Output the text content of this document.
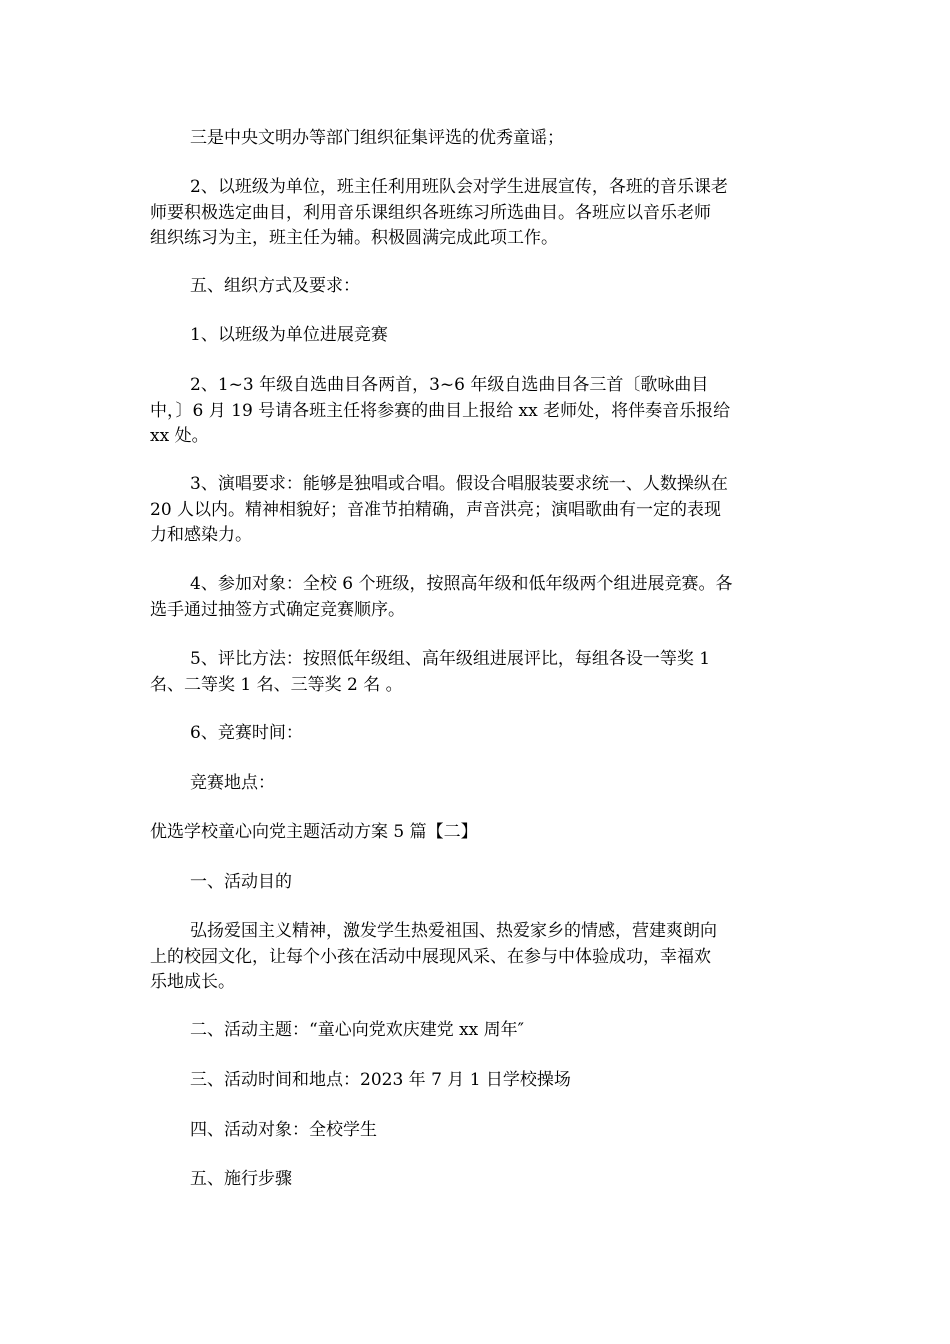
三是中央文明办等部门组织征集评选的优秀童谣；

2、以班级为单位，班主任利用班队会对学生进展宣传，各班的音乐课老
师要积极选定曲目，利用音乐课组织各班练习所选曲目。各班应以音乐老师
组织练习为主，班主任为辅。积极圆满完成此项工作。

五、组织方式及要求：

1、以班级为单位进展竞赛

2、1~3 年级自选曲目各两首，3~6 年级自选曲目各三首〔歌咏曲目
中，〕6 月 19 号请各班主任将参赛的曲目上报给 xx 老师处，将伴奏音乐报给
xx 处。

3、演唱要求：能够是独唱或合唱。假设合唱服装要求统一、人数操纵在
20 人以内。精神相貌好；音准节拍精确，声音洪亮；演唱歌曲有一定的表现
力和感染力。

4、参加对象：全校 6 个班级，按照高年级和低年级两个组进展竞赛。各
选手通过抽签方式确定竞赛顺序。

5、评比方法：按照低年级组、高年级组进展评比，每组各设一等奖 1
名、二等奖 1 名、三等奖 2 名 。

6、竞赛时间：

竞赛地点：

优选学校童心向党主题活动方案 5 篇【二】

一、活动目的

弘扬爱国主义精神，激发学生热爱祖国、热爱家乡的情感，营建爽朗向
上的校园文化，让每个小孩在活动中展现风采、在参与中体验成功，幸福欢
乐地成长。

二、活动主题：“童心向党欢庆建党 xx 周年″

三、活动时间和地点：2023 年 7 月 1 日学校操场

四、活动对象：全校学生

五、施行步骤
